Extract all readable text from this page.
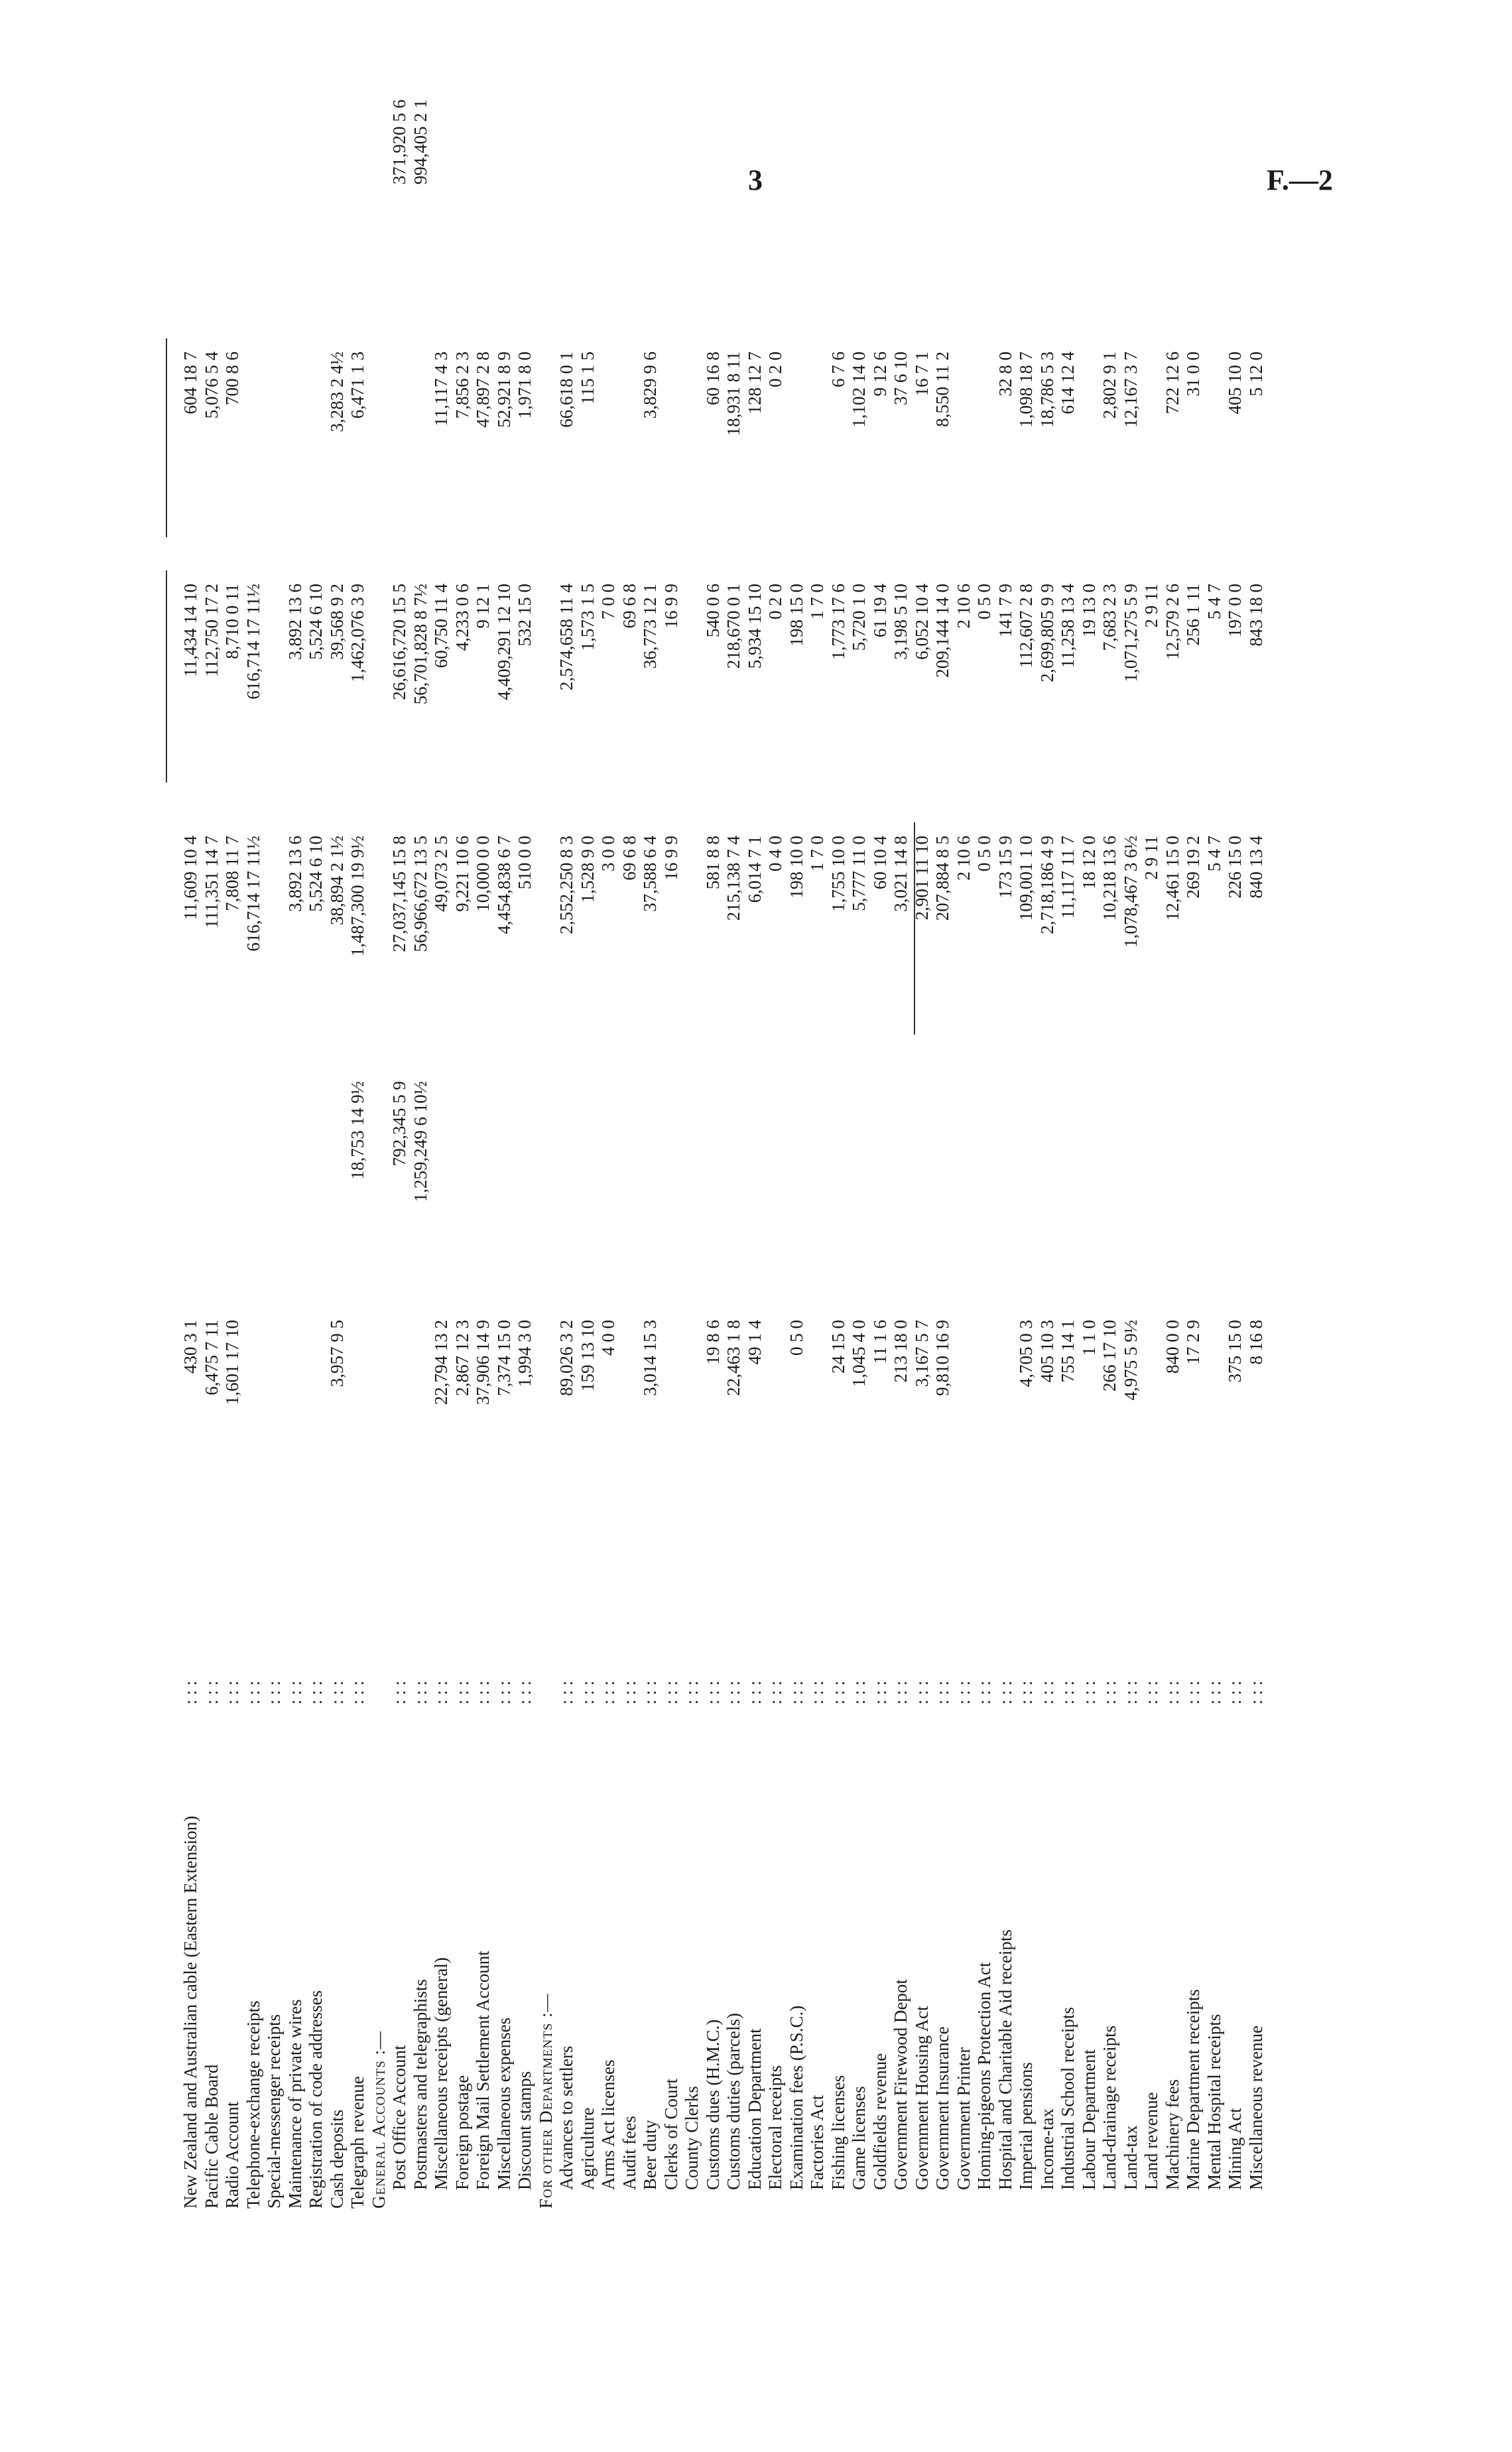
3	F.—2
New Zealand and Australian cable (Eastern Extension)
: : :
430 3 1
11,609 10 4
11,434 14 10
604 18 7
Pacific Cable Board
: : :
6,475 7 11
111,351 14 7
112,750 17 2
5,076 5 4
Radio Account
: : :
1,601 17 10
7,808 11 7
8,710 0 11
700 8 6
Telephone-exchange receipts
: : :
616,714 17 11½
616,714 17 11½
Special-messenger receipts
: : :
Maintenance of private wires
: : :
3,892 13 6
3,892 13 6
Registration of code addresses
: : :
5,524 6 10
5,524 6 10
Cash deposits
: : :
3,957 9 5
38,894 2 1½
39,568 9 2
3,283 2 4½
Telegraph revenue
: : :
18,753 14 9½
1,487,300 19 9½
1,462,076 3 9
6,471 1 3
General Accounts :— Post Office Account
: : :
792,345 5 9
27,037,145 15 8
26,616,720 15 5
371,920 5 6
Postmasters and telegraphists
: : :
1,259,249 6 10½
56,966,672 13 5
56,701,828 8 7½
994,405 2 1
Miscellaneous receipts (general)
: : :
22,794 13 2
49,073 2 5
60,750 11 4
11,117 4 3
Foreign postage
: : :
2,867 12 3
9,221 10 6
4,233 0 6
7,856 2 3
Foreign Mail Settlement Account
: : :
37,906 14 9
10,000 0 0
9 12 1
47,897 2 8
Miscellaneous expenses
: : :
7,374 15 0
4,454,838 6 7
4,409,291 12 10
52,921 8 9
Discount stamps
: : :
1,994 3 0
510 0 0
532 15 0
1,971 8 0
For other Departments :— Advances to settlers
: : :
89,026 3 2
2,552,250 8 3
2,574,658 11 4
66,618 0 1
Agriculture
: : :
159 13 10
1,528 9 0
1,573 1 5
115 1 5
Arms Act licenses
: : :
4 0 0
3 0 0
7 0 0
Audit fees
: : :
69 6 8
69 6 8
Beer duty
: : :
3,014 15 3
37,588 6 4
36,773 12 1
3,829 9 6
Clerks of Court
: : :
16 9 9
16 9 9
County Clerks
: : :
Customs dues (H.M.C.)
: : :
19 8 6
581 8 8
540 0 6
60 16 8
Customs duties (parcels)
: : :
22,463 1 8
215,138 7 4
218,670 0 1
18,931 8 11
Education Department
: : :
49 1 4
6,014 7 1
5,934 15 10
128 12 7
Electoral receipts
: : :
0 4 0
0 2 0
0 2 0
Examination fees (P.S.C.)
: : :
0 5 0
198 10 0
198 15 0
Factories Act
: : :
1 7 0
1 7 0
Fishing licenses
: : :
24 15 0
1,755 10 0
1,773 17 6
6 7 6
Game licenses
: : :
1,045 4 0
5,777 11 0
5,720 1 0
1,102 14 0
Goldfields revenue
: : :
11 1 6
60 10 4
61 19 4
9 12 6
Government Firewood Depot
: : :
213 18 0
3,021 14 8
3,198 5 10
37 6 10
Government Housing Act
: : :
3,167 5 7
2,901 11 10
6,052 10 4
16 7 1
Government Insurance
: : :
9,810 16 9
207,884 8 5
209,144 14 0
8,550 11 2
Government Printer
: : :
2 10 6
2 10 6
Homing-pigeons Protection Act
: : :
0 5 0
0 5 0
Hospital and Charitable Aid receipts
: : :
173 15 9
141 7 9
32 8 0
Imperial pensions
: : :
4,705 0 3
109,001 1 0
112,607 2 8
1,098 18 7
Income-tax
: : :
405 10 3
2,718,186 4 9
2,699,805 9 9
18,786 5 3
Industrial School receipts
: : :
755 14 1
11,117 11 7
11,258 13 4
614 12 4
Labour Department
: : :
1 1 0
18 12 0
19 13 0
Land-drainage receipts
: : :
266 17 10
10,218 13 6
7,683 2 3
2,802 9 1
Land-tax
: : :
4,975 5 9½
1,078,467 3 6½
1,071,275 5 9
12,167 3 7
Land revenue
: : :
2 9 11
2 9 11
Machinery fees
: : :
840 0 0
12,461 15 0
12,579 2 6
722 12 6
Marine Department receipts
: : :
17 2 9
269 19 2
256 1 11
31 0 0
Mental Hospital receipts
: : :
5 4 7
5 4 7
Mining Act
: : :
375 15 0
226 15 0
197 0 0
405 10 0
Miscellaneous revenue
: : :
8 16 8
840 13 4
843 18 0
5 12 0
